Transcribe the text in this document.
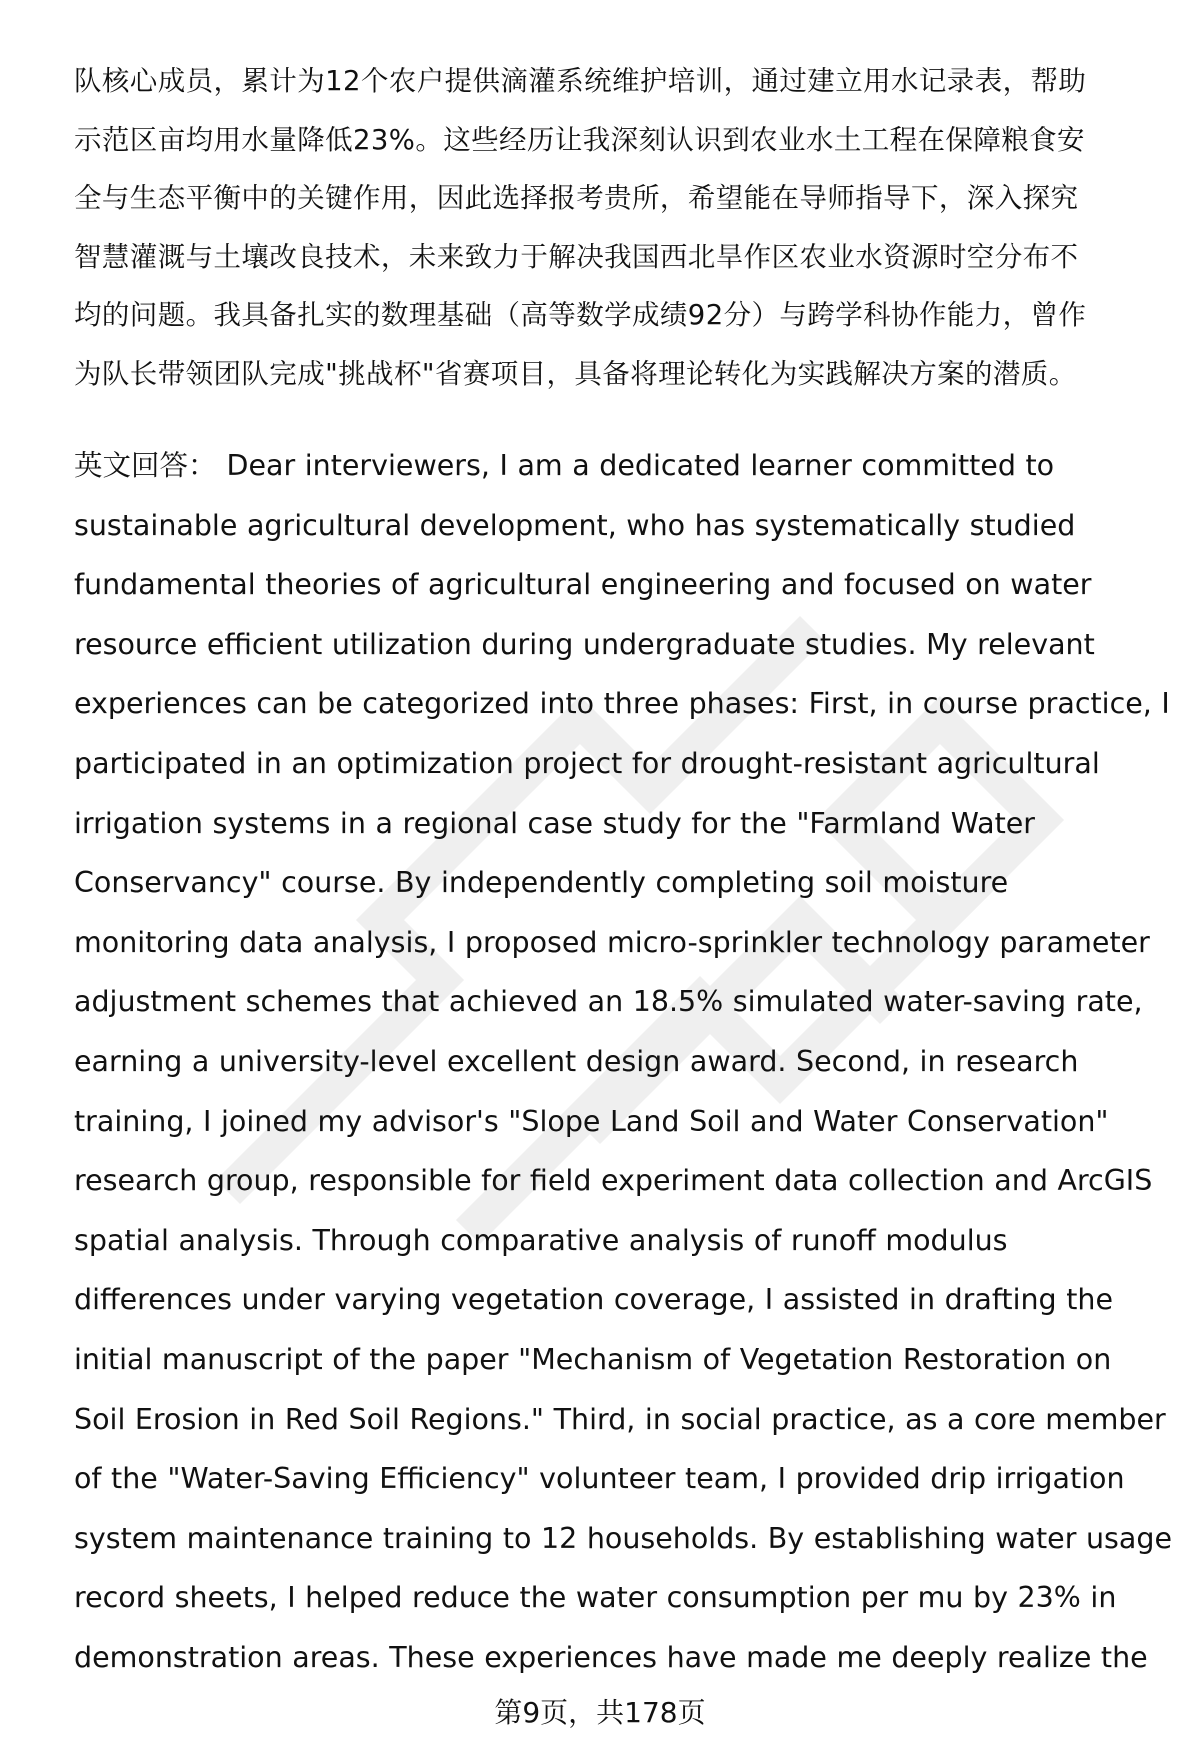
队核心成员，累计为12个农户提供滴灌系统维护培训，通过建立用水记录表，帮助
示范区亩均用水量降低23%。这些经历让我深刻认识到农业水土工程在保障粮食安
全与生态平衡中的关键作用，因此选择报考贵所，希望能在导师指导下，深入探究
智慧灌溉与土壤改良技术，未来致力于解决我国西北旱作区农业水资源时空分布不
均的问题。我具备扎实的数理基础（高等数学成绩92分）与跨学科协作能力，曾作
为队长带领团队完成"挑战杯"省赛项目，具备将理论转化为实践解决方案的潜质。

英文回答： Dear interviewers, I am a dedicated learner committed to
sustainable agricultural development, who has systematically studied
fundamental theories of agricultural engineering and focused on water
resource efficient utilization during undergraduate studies. My relevant
experiences can be categorized into three phases: First, in course practice, I
participated in an optimization project for drought-resistant agricultural
irrigation systems in a regional case study for the "Farmland Water
Conservancy" course. By independently completing soil moisture
monitoring data analysis, I proposed micro-sprinkler technology parameter
adjustment schemes that achieved an 18.5% simulated water-saving rate,
earning a university-level excellent design award. Second, in research
training, I joined my advisor's "Slope Land Soil and Water Conservation"
research group, responsible for field experiment data collection and ArcGIS
spatial analysis. Through comparative analysis of runoff modulus
differences under varying vegetation coverage, I assisted in drafting the
initial manuscript of the paper "Mechanism of Vegetation Restoration on
Soil Erosion in Red Soil Regions." Third, in social practice, as a core member
of the "Water-Saving Efficiency" volunteer team, I provided drip irrigation
system maintenance training to 12 households. By establishing water usage
record sheets, I helped reduce the water consumption per mu by 23% in
demonstration areas. These experiences have made me deeply realize the

第9页，共178页
